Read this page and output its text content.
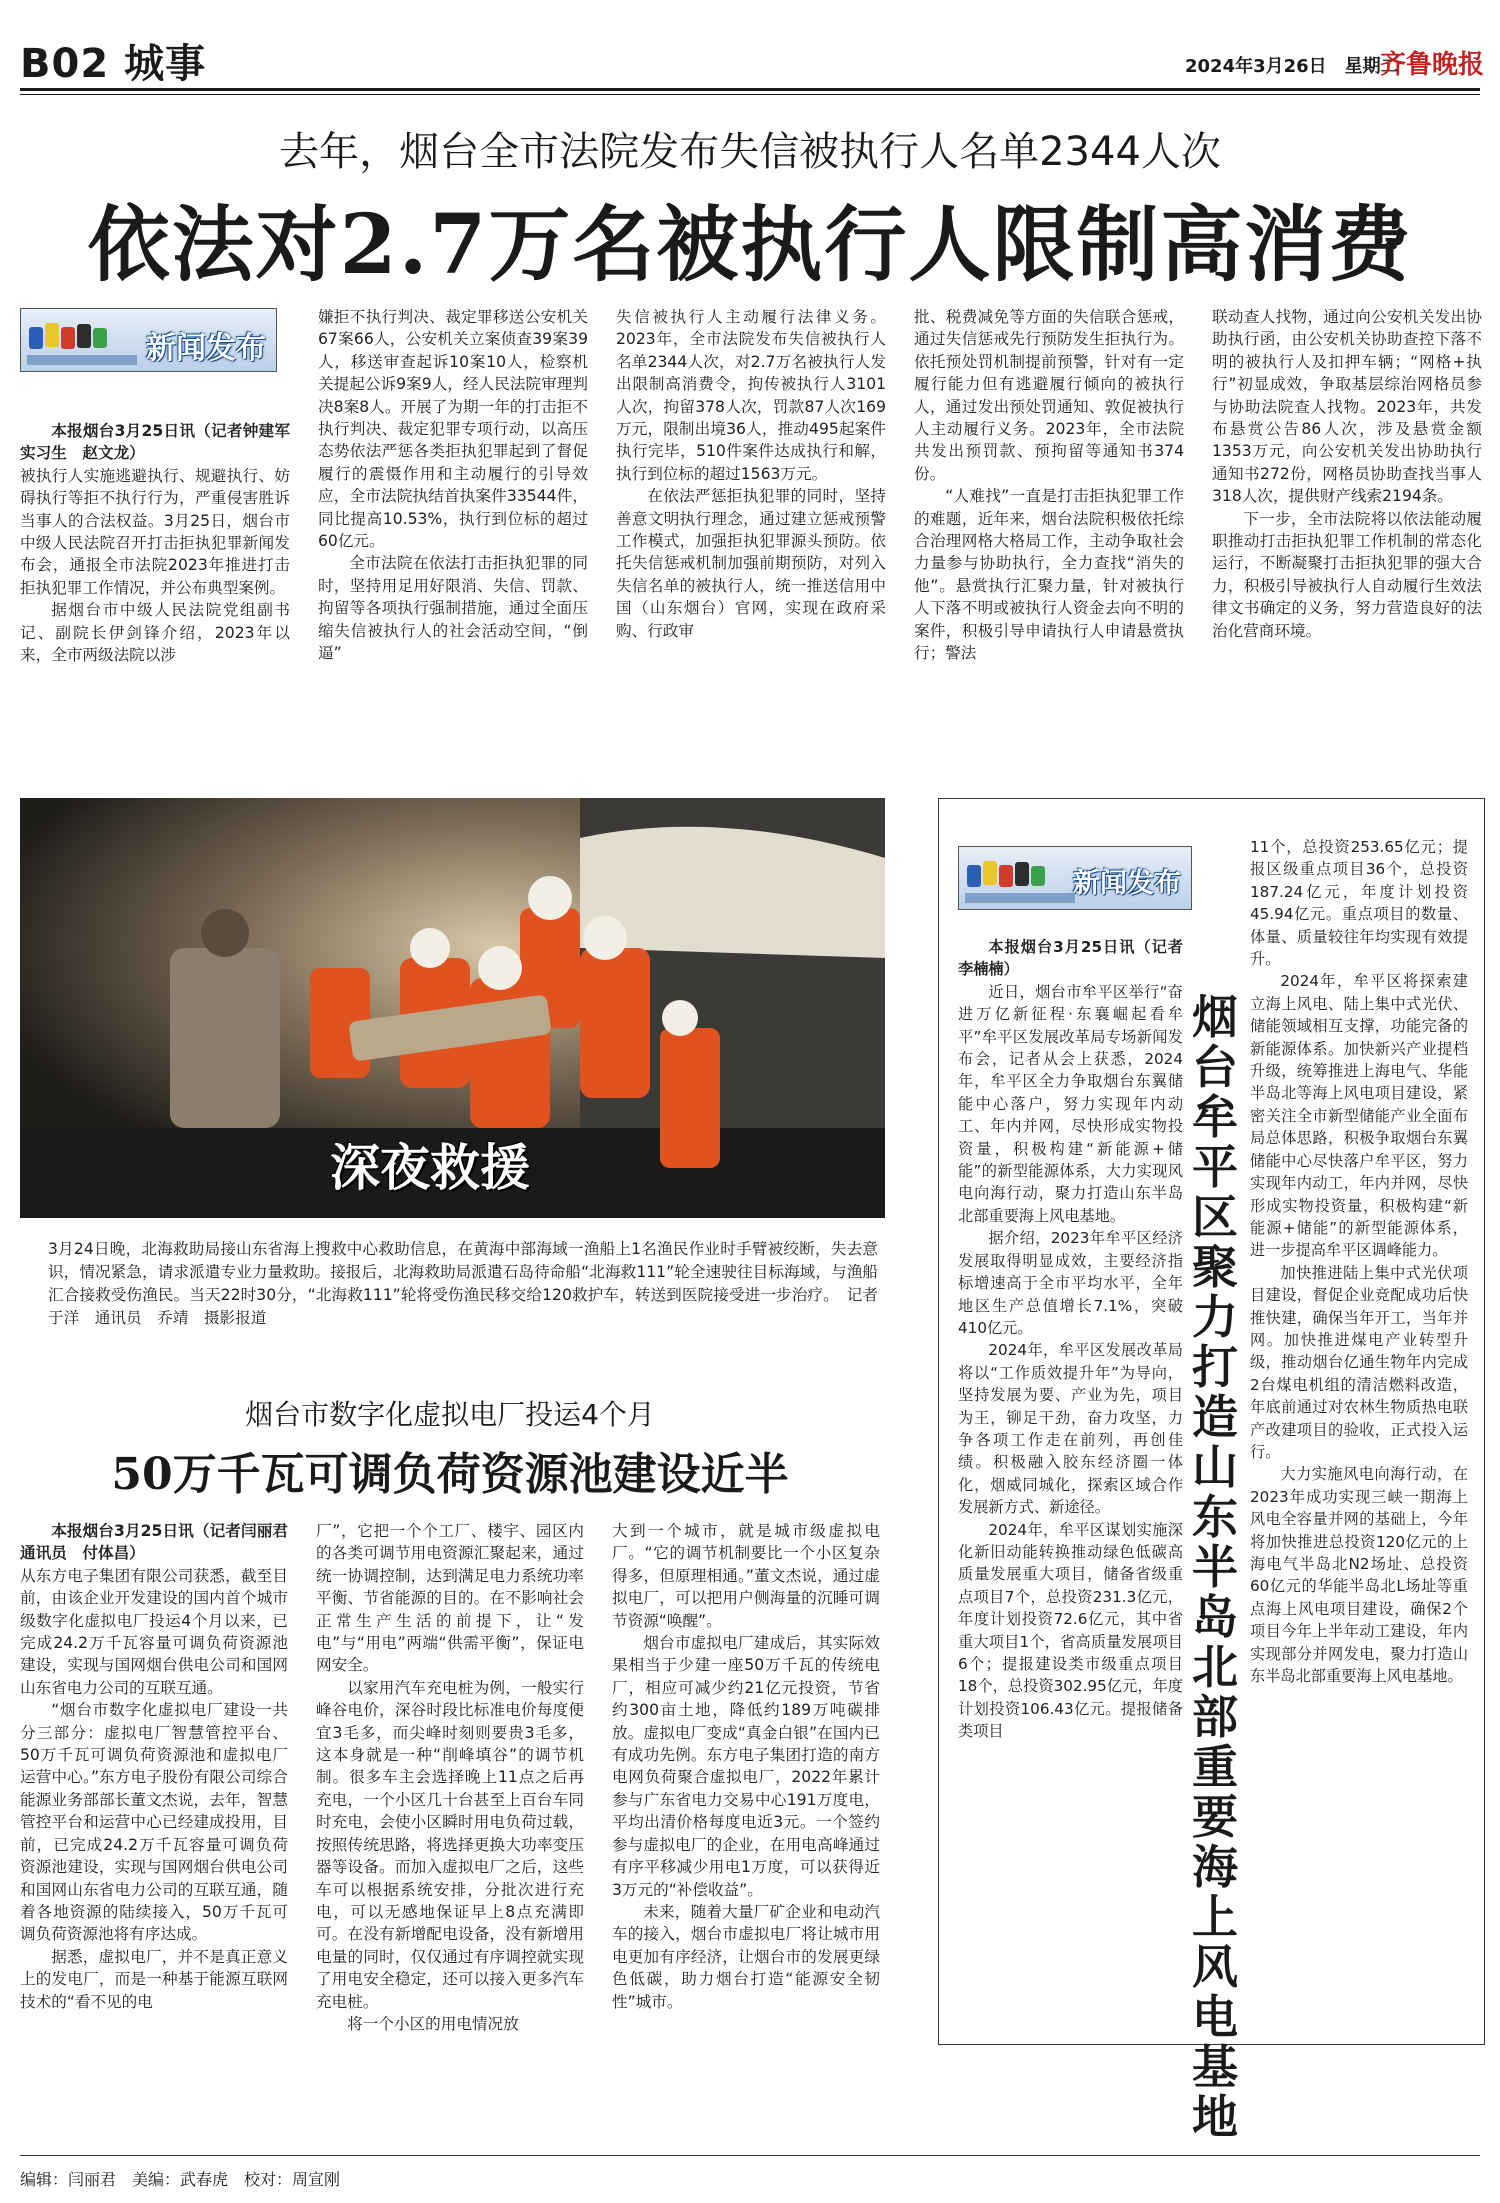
B02 城事	2024年3月26日　星期二
齐鲁晚报
去年，烟台全市法院发布失信被执行人名单2344人次
依法对2.7万名被执行人限制高消费
新闻发布

本报烟台3月25日讯（记者钟建军　实习生　赵文龙）

被执行人实施逃避执行、规避执行、妨碍执行等拒不执行行为，严重侵害胜诉当事人的合法权益。3月25日，烟台市中级人民法院召开打击拒执犯罪新闻发布会，通报全市法院2023年推进打击拒执犯罪工作情况，并公布典型案例。

据烟台市中级人民法院党组副书记、副院长伊剑锋介绍，2023年以来，全市两级法院以涉

嫌拒不执行判决、裁定罪移送公安机关67案66人，公安机关立案侦查39案39人，移送审查起诉10案10人，检察机关提起公诉9案9人，经人民法院审理判决8案8人。开展了为期一年的打击拒不执行判决、裁定犯罪专项行动，以高压态势依法严惩各类拒执犯罪起到了督促履行的震慑作用和主动履行的引导效应，全市法院执结首执案件33544件，同比提高10.53%，执行到位标的超过60亿元。

全市法院在依法打击拒执犯罪的同时，坚持用足用好限消、失信、罚款、拘留等各项执行强制措施，通过全面压缩失信被执行人的社会活动空间，“倒逼”

失信被执行人主动履行法律义务。2023年，全市法院发布失信被执行人名单2344人次，对2.7万名被执行人发出限制高消费令，拘传被执行人3101人次，拘留378人次，罚款87人次169万元，限制出境36人，推动495起案件执行完毕，510件案件达成执行和解，执行到位标的超过1563万元。

在依法严惩拒执犯罪的同时，坚持善意文明执行理念，通过建立惩戒预警工作模式，加强拒执犯罪源头预防。依托失信惩戒机制加强前期预防，对列入失信名单的被执行人，统一推送信用中国（山东烟台）官网，实现在政府采购、行政审

批、税费减免等方面的失信联合惩戒，通过失信惩戒先行预防发生拒执行为。依托预处罚机制提前预警，针对有一定履行能力但有逃避履行倾向的被执行人，通过发出预处罚通知、敦促被执行人主动履行义务。2023年，全市法院共发出预罚款、预拘留等通知书374份。

“人难找”一直是打击拒执犯罪工作的难题，近年来，烟台法院积极依托综合治理网格大格局工作，主动争取社会力量参与协助执行，全力查找“消失的他”。悬赏执行汇聚力量，针对被执行人下落不明或被执行人资金去向不明的案件，积极引导申请执行人申请悬赏执行；警法

联动查人找物，通过向公安机关发出协助执行函，由公安机关协助查控下落不明的被执行人及扣押车辆；“网格+执行”初显成效，争取基层综治网格员参与协助法院查人找物。2023年，共发布悬赏公告86人次，涉及悬赏金额1353万元，向公安机关发出协助执行通知书272份，网格员协助查找当事人318人次，提供财产线索2194条。

下一步，全市法院将以依法能动履职推动打击拒执犯罪工作机制的常态化运行，不断凝聚打击拒执犯罪的强大合力，积极引导被执行人自动履行生效法律文书确定的义务，努力营造良好的法治化营商环境。

深夜救援

3月24日晚，北海救助局接山东省海上搜救中心救助信息，在黄海中部海域一渔船上1名渔民作业时手臂被绞断，失去意识，情况紧急，请求派遣专业力量救助。接报后，北海救助局派遣石岛待命船“北海救111”轮全速驶往目标海域，与渔船汇合接救受伤渔民。当天22时30分，“北海救111”轮将受伤渔民移交给120救护车，转送到医院接受进一步治疗。　记者　于洋　通讯员　乔靖　摄影报道

烟台市数字化虚拟电厂投运4个月
50万千瓦可调负荷资源池建设近半

本报烟台3月25日讯（记者闫丽君　通讯员　付体昌）

从东方电子集团有限公司获悉，截至目前，由该企业开发建设的国内首个城市级数字化虚拟电厂投运4个月以来，已完成24.2万千瓦容量可调负荷资源池建设，实现与国网烟台供电公司和国网山东省电力公司的互联互通。

“烟台市数字化虚拟电厂建设一共分三部分：虚拟电厂智慧管控平台、50万千瓦可调负荷资源池和虚拟电厂运营中心。”东方电子股份有限公司综合能源业务部部长董文杰说，去年，智慧管控平台和运营中心已经建成投用，目前，已完成24.2万千瓦容量可调负荷资源池建设，实现与国网烟台供电公司和国网山东省电力公司的互联互通，随着各地资源的陆续接入，50万千瓦可调负荷资源池将有序达成。

据悉，虚拟电厂，并不是真正意义上的发电厂，而是一种基于能源互联网技术的“看不见的电

厂”，它把一个个工厂、楼宇、园区内的各类可调节用电资源汇聚起来，通过统一协调控制，达到满足电力系统功率平衡、节省能源的目的。在不影响社会正常生产生活的前提下，让“发电”与“用电”两端“供需平衡”，保证电网安全。

以家用汽车充电桩为例，一般实行峰谷电价，深谷时段比标准电价每度便宜3毛多，而尖峰时刻则要贵3毛多，这本身就是一种“削峰填谷”的调节机制。很多车主会选择晚上11点之后再充电，一个小区几十台甚至上百台车同时充电，会使小区瞬时用电负荷过载，按照传统思路，将选择更换大功率变压器等设备。而加入虚拟电厂之后，这些车可以根据系统安排，分批次进行充电，可以无感地保证早上8点充满即可。在没有新增配电设备，没有新增用电量的同时，仅仅通过有序调控就实现了用电安全稳定，还可以接入更多汽车充电桩。

将一个小区的用电情况放

大到一个城市，就是城市级虚拟电厂。“它的调节机制要比一个小区复杂得多，但原理相通。”董文杰说，通过虚拟电厂，可以把用户侧海量的沉睡可调节资源“唤醒”。

烟台市虚拟电厂建成后，其实际效果相当于少建一座50万千瓦的传统电厂，相应可减少约21亿元投资，节省约300亩土地，降低约189万吨碳排放。虚拟电厂变成“真金白银”在国内已有成功先例。东方电子集团打造的南方电网负荷聚合虚拟电厂，2022年累计参与广东省电力交易中心191万度电，平均出清价格每度电近3元。一个签约参与虚拟电厂的企业，在用电高峰通过有序平移减少用电1万度，可以获得近3万元的“补偿收益”。

未来，随着大量厂矿企业和电动汽车的接入，烟台市虚拟电厂将让城市用电更加有序经济，让烟台市的发展更绿色低碳，助力烟台打造“能源安全韧性”城市。

新闻发布
烟
台
牟
平
区
聚
力
打
造
山
东
半
岛
北
部
重
要
海
上
风
电
基
地

本报烟台3月25日讯（记者　李楠楠）

近日，烟台市牟平区举行“奋进万亿新征程·东襄崛起看牟平”牟平区发展改革局专场新闻发布会，记者从会上获悉，2024年，牟平区全力争取烟台东翼储能中心落户，努力实现年内动工、年内并网，尽快形成实物投资量，积极构建“新能源+储能”的新型能源体系，大力实现风电向海行动，聚力打造山东半岛北部重要海上风电基地。

据介绍，2023年牟平区经济发展取得明显成效，主要经济指标增速高于全市平均水平，全年地区生产总值增长7.1%，突破410亿元。

2024年，牟平区发展改革局将以“工作质效提升年”为导向，坚持发展为要、产业为先，项目为王，铆足干劲，奋力攻坚，力争各项工作走在前列，再创佳绩。积极融入胶东经济圈一体化，烟威同城化，探索区域合作发展新方式、新途径。

2024年，牟平区谋划实施深化新旧动能转换推动绿色低碳高质量发展重大项目，储备省级重点项目7个，总投资231.3亿元，年度计划投资72.6亿元，其中省重大项目1个，省高质量发展项目6个；提报建设类市级重点项目18个，总投资302.95亿元，年度计划投资106.43亿元。提报储备类项目

11个，总投资253.65亿元；提报区级重点项目36个，总投资187.24亿元，年度计划投资45.94亿元。重点项目的数量、体量、质量较往年均实现有效提升。

2024年，牟平区将探索建立海上风电、陆上集中式光伏、储能领域相互支撑，功能完备的新能源体系。加快新兴产业提档升级，统筹推进上海电气、华能半岛北等海上风电项目建设，紧密关注全市新型储能产业全面布局总体思路，积极争取烟台东翼储能中心尽快落户牟平区，努力实现年内动工，年内并网，尽快形成实物投资量，积极构建“新能源+储能”的新型能源体系，进一步提高牟平区调峰能力。

加快推进陆上集中式光伏项目建设，督促企业竞配成功后快推快建，确保当年开工，当年并网。加快推进煤电产业转型升级，推动烟台亿通生物年内完成2台煤电机组的清洁燃料改造，年底前通过对农林生物质热电联产改建项目的验收，正式投入运行。

大力实施风电向海行动，在2023年成功实现三峡一期海上风电全容量并网的基础上，今年将加快推进总投资120亿元的上海电气半岛北N2场址、总投资60亿元的华能半岛北L场址等重点海上风电项目建设，确保2个项目今年上半年动工建设，年内实现部分并网发电，聚力打造山东半岛北部重要海上风电基地。

编辑：闫丽君　美编：武春虎　校对：周宣刚
